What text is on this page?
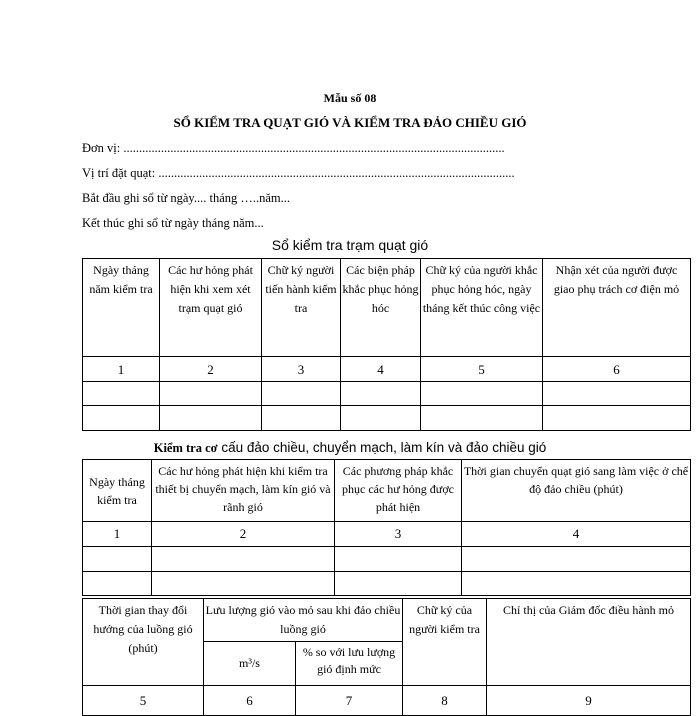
Mẫu số 08
SỔ KIỂM TRA QUẠT GIÓ VÀ KIỂM TRA ĐẢO CHIỀU GIÓ
Đơn vị: ..........................................................................................................................
Vị trí đặt quạt: ..................................................................................................................
Bắt đầu ghi sổ từ ngày.... tháng …..năm...
Kết thúc ghi sổ từ ngày tháng năm...
Sổ kiểm tra trạm quạt gió
Ngày tháng năm kiểm tra	Các hư hỏng phát hiện khi xem xét trạm quạt gió	Chữ ký người tiến hành kiểm tra	Các biện pháp khắc phục hỏng hóc	Chữ ký của người khắc phục hỏng hóc, ngày tháng kết thúc công việc	Nhận xét của người được giao phụ trách cơ điện mỏ
1	2	3	4	5	6

Kiểm tra cơ cấu đảo chiều, chuyển mạch, làm kín và đảo chiều gió
Ngày tháng kiểm tra	Các hư hỏng phát hiện khi kiểm tra thiết bị chuyển mạch, làm kín gió và rãnh gió	Các phương pháp khắc phục các hư hỏng được phát hiện	Thời gian chuyển quạt gió sang làm việc ở chế độ đảo chiều (phút)
1	2	3	4

Thời gian thay đổi hướng của luồng gió (phút)	Lưu lượng gió vào mỏ sau khi đảo chiều luồng gió		Chữ ký của người kiểm tra	Chỉ thị của Giám đốc điều hành mỏ
	m³/s	% so với lưu lượng gió định mức		
5	6	7	8	9
